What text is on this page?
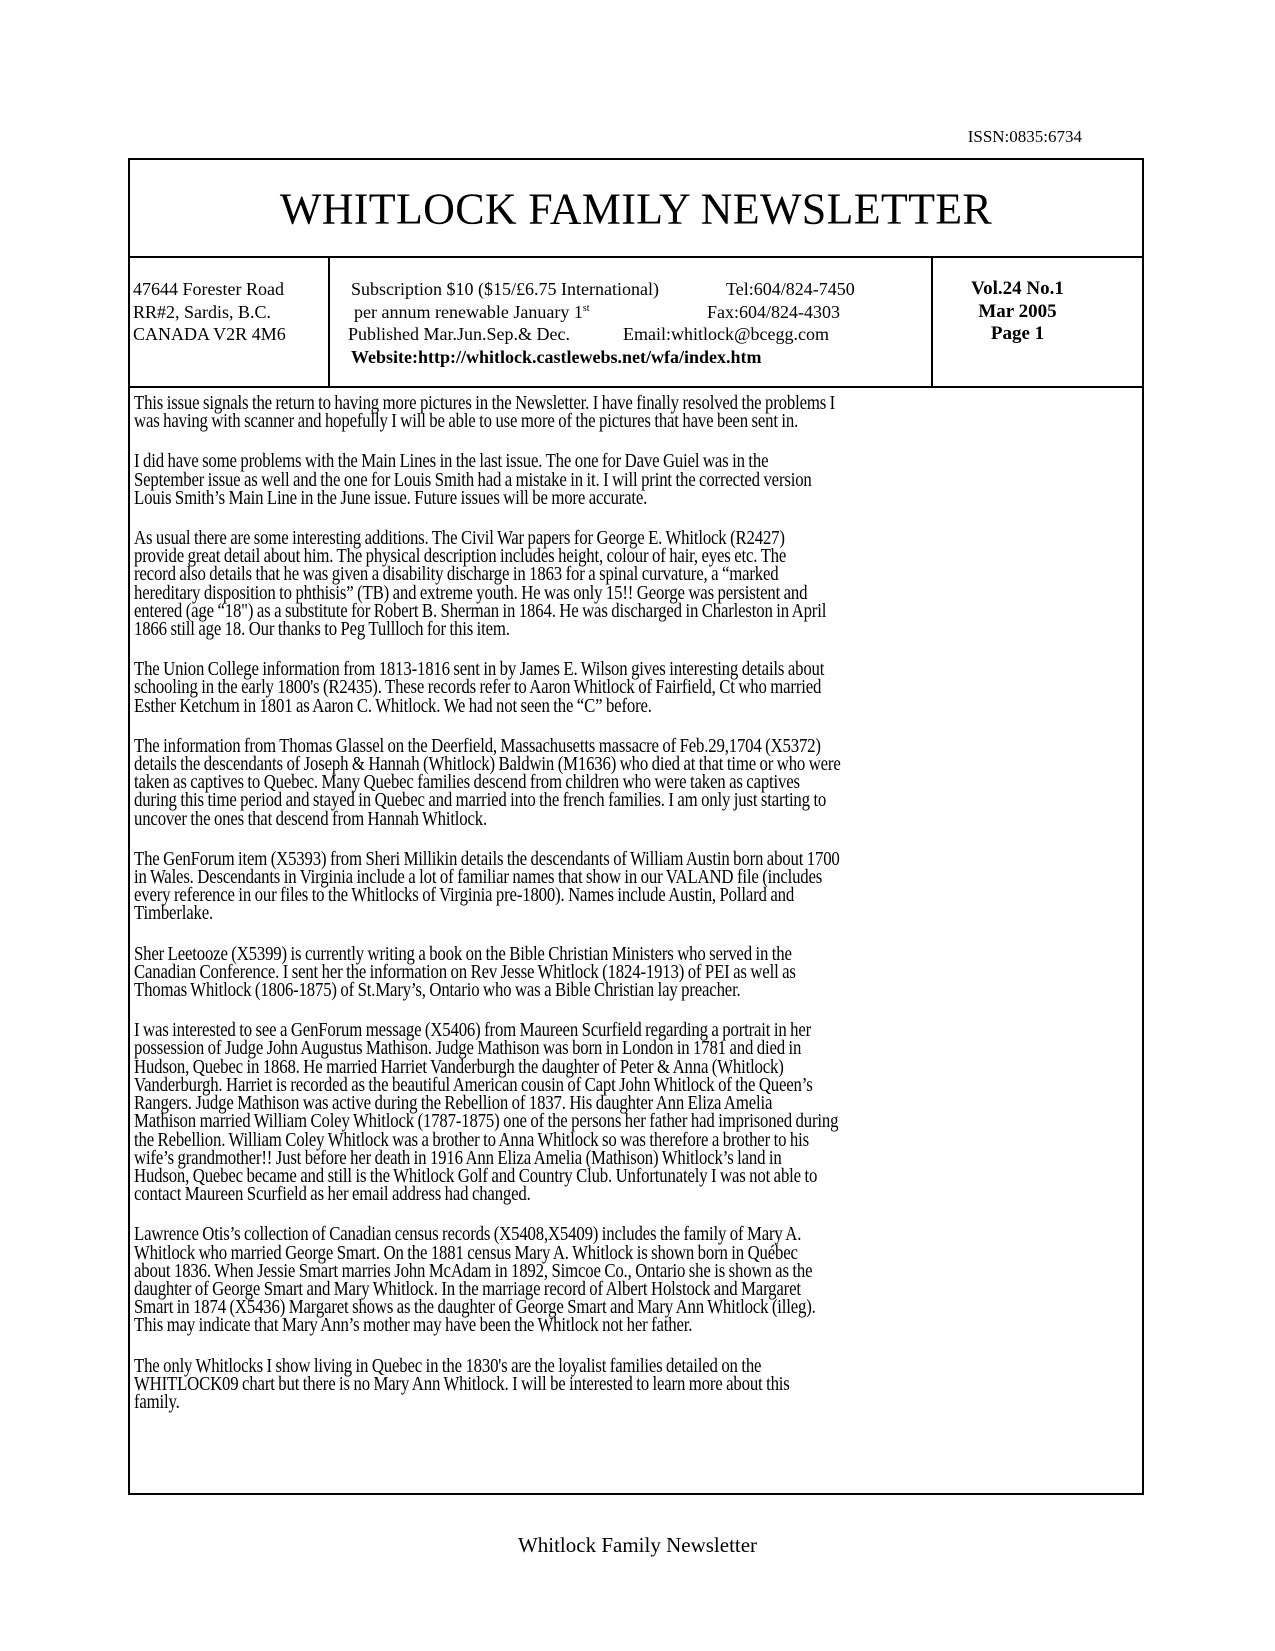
ISSN:0835:6734
WHITLOCK FAMILY NEWSLETTER
47644 Forester Road
RR#2, Sardis, B.C.
CANADA V2R 4M6
Subscription $10 ($15/£6.75 International)	Tel:604/824-7450
per annum renewable January 1st	Fax:604/824-4303
Published Mar.Jun.Sep.& Dec.	Email:whitlock@bcegg.com
Website:http://whitlock.castlewebs.net/wfa/index.htm
Vol.24 No.1
Mar 2005
Page 1
This issue signals the return to having more pictures in the Newsletter. I have finally resolved the problems I
was having with scanner and hopefully I will be able to use more of the pictures that have been sent in.
I did have some problems with the Main Lines in the last issue. The one for Dave Guiel was in the
September issue as well and the one for Louis Smith had a mistake in it. I will print the corrected version
Louis Smith’s Main Line in the June issue. Future issues will be more accurate.
As usual there are some interesting additions. The Civil War papers for George E. Whitlock (R2427)
provide great detail about him. The physical description includes height, colour of hair, eyes etc. The
record also details that he was given a disability discharge in 1863 for a spinal curvature, a “marked
hereditary disposition to phthisis” (TB) and extreme youth. He was only 15!! George was persistent and
entered (age “18") as a substitute for Robert B. Sherman in 1864. He was discharged in Charleston in April
1866 still age 18. Our thanks to Peg Tullloch for this item.
The Union College information from 1813-1816 sent in by James E. Wilson gives interesting details about
schooling in the early 1800's (R2435). These records refer to Aaron Whitlock of Fairfield, Ct who married
Esther Ketchum in 1801 as Aaron C. Whitlock. We had not seen the “C” before.
The information from Thomas Glassel on the Deerfield, Massachusetts massacre of Feb.29,1704 (X5372)
details the descendants of Joseph & Hannah (Whitlock) Baldwin (M1636) who died at that time or who were
taken as captives to Quebec. Many Quebec families descend from children who were taken as captives
during this time period and stayed in Quebec and married into the french families. I am only just starting to
uncover the ones that descend from Hannah Whitlock.
The GenForum item (X5393) from Sheri Millikin details the descendants of William Austin born about 1700
in Wales. Descendants in Virginia include a lot of familiar names that show in our VALAND file (includes
every reference in our files to the Whitlocks of Virginia pre-1800). Names include Austin, Pollard and
Timberlake.
Sher Leetooze (X5399) is currently writing a book on the Bible Christian Ministers who served in the
Canadian Conference. I sent her the information on Rev Jesse Whitlock (1824-1913) of PEI as well as
Thomas Whitlock (1806-1875) of St.Mary’s, Ontario who was a Bible Christian lay preacher.
I was interested to see a GenForum message (X5406) from Maureen Scurfield regarding a portrait in her
possession of Judge John Augustus Mathison. Judge Mathison was born in London in 1781 and died in
Hudson, Quebec in 1868. He married Harriet Vanderburgh the daughter of Peter & Anna (Whitlock)
Vanderburgh. Harriet is recorded as the beautiful American cousin of Capt John Whitlock of the Queen’s
Rangers. Judge Mathison was active during the Rebellion of 1837. His daughter Ann Eliza Amelia
Mathison married William Coley Whitlock (1787-1875) one of the persons her father had imprisoned during
the Rebellion. William Coley Whitlock was a brother to Anna Whitlock so was therefore a brother to his
wife’s grandmother!! Just before her death in 1916 Ann Eliza Amelia (Mathison) Whitlock’s land in
Hudson, Quebec became and still is the Whitlock Golf and Country Club. Unfortunately I was not able to
contact Maureen Scurfield as her email address had changed.
Lawrence Otis’s collection of Canadian census records (X5408,X5409) includes the family of Mary A.
Whitlock who married George Smart. On the 1881 census Mary A. Whitlock is shown born in Québec
about 1836. When Jessie Smart marries John McAdam in 1892, Simcoe Co., Ontario she is shown as the
daughter of George Smart and Mary Whitlock. In the marriage record of Albert Holstock and Margaret
Smart in 1874 (X5436) Margaret shows as the daughter of George Smart and Mary Ann Whitlock (illeg).
This may indicate that Mary Ann’s mother may have been the Whitlock not her father.
The only Whitlocks I show living in Quebec in the 1830's are the loyalist families detailed on the
WHITLOCK09 chart but there is no Mary Ann Whitlock. I will be interested to learn more about this
family.
Whitlock Family Newsletter
